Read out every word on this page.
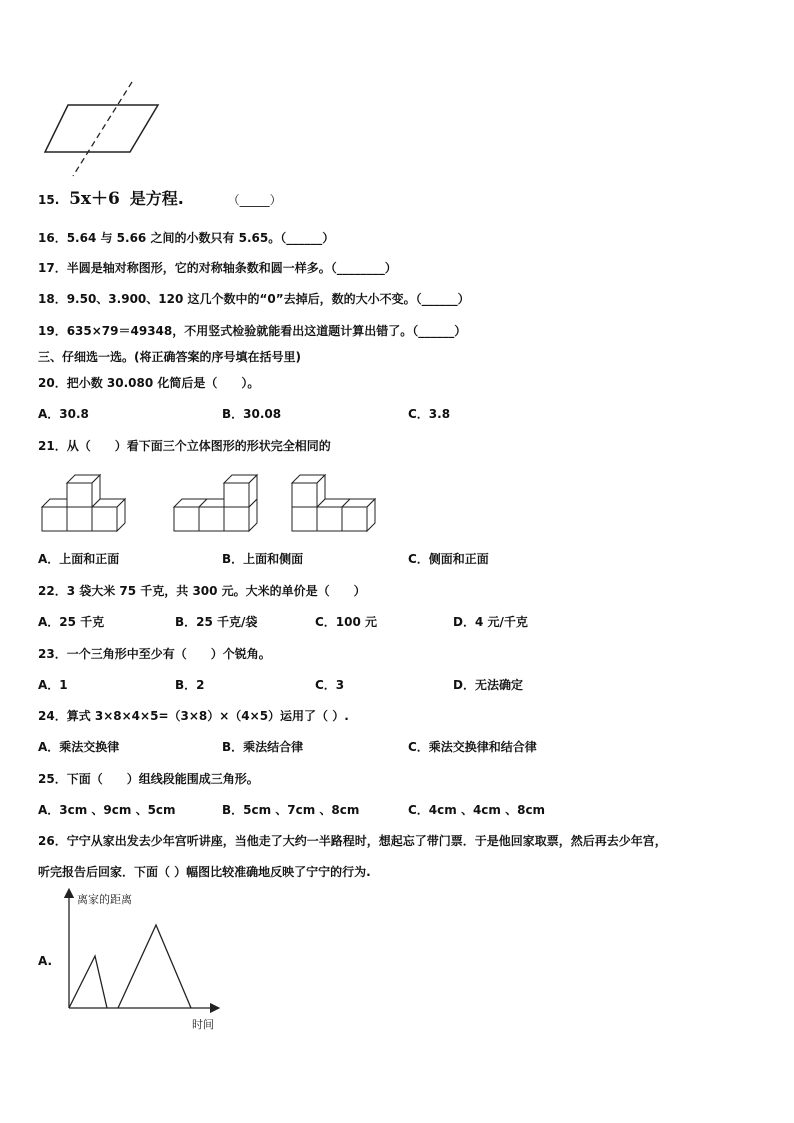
15. 5x＋6 是方程.	（_____）
16．5.64 与 5.66 之间的小数只有 5.65。（______）
17．半圆是轴对称图形，它的对称轴条数和圆一样多。（________）
18．9.50、3.900、120 这几个数中的“0”去掉后，数的大小不变。（______）
19．635×79＝49348，不用竖式检验就能看出这道题计算出错了。（______）
三、仔细选一选。(将正确答案的序号填在括号里)
20．把小数 30.080 化简后是（　　）。
A．30.8	B．30.08	C．3.8
21．从（　　）看下面三个立体图形的形状完全相同的
A．上面和正面	B．上面和侧面	C．侧面和正面
22．3 袋大米 75 千克，共 300 元。大米的单价是（　　）
A．25 千克	B．25 千克/袋	C．100 元	D．4 元/千克
23．一个三角形中至少有（　　）个锐角。
A．1	B．2	C．3	D．无法确定
24．算式 3×8×4×5=（3×8）×（4×5）运用了（ ）.
A．乘法交换律	B．乘法结合律	C．乘法交换律和结合律
25．下面（　　）组线段能围成三角形。
A．3cm 、9cm 、5cm	B．5cm 、7cm 、8cm	C．4cm 、4cm 、8cm
26．宁宁从家出发去少年宫听讲座，当他走了大约一半路程时，想起忘了带门票．于是他回家取票，然后再去少年宫，
听完报告后回家．下面（ ）幅图比较准确地反映了宁宁的行为.
A.
离家的距离
时间
